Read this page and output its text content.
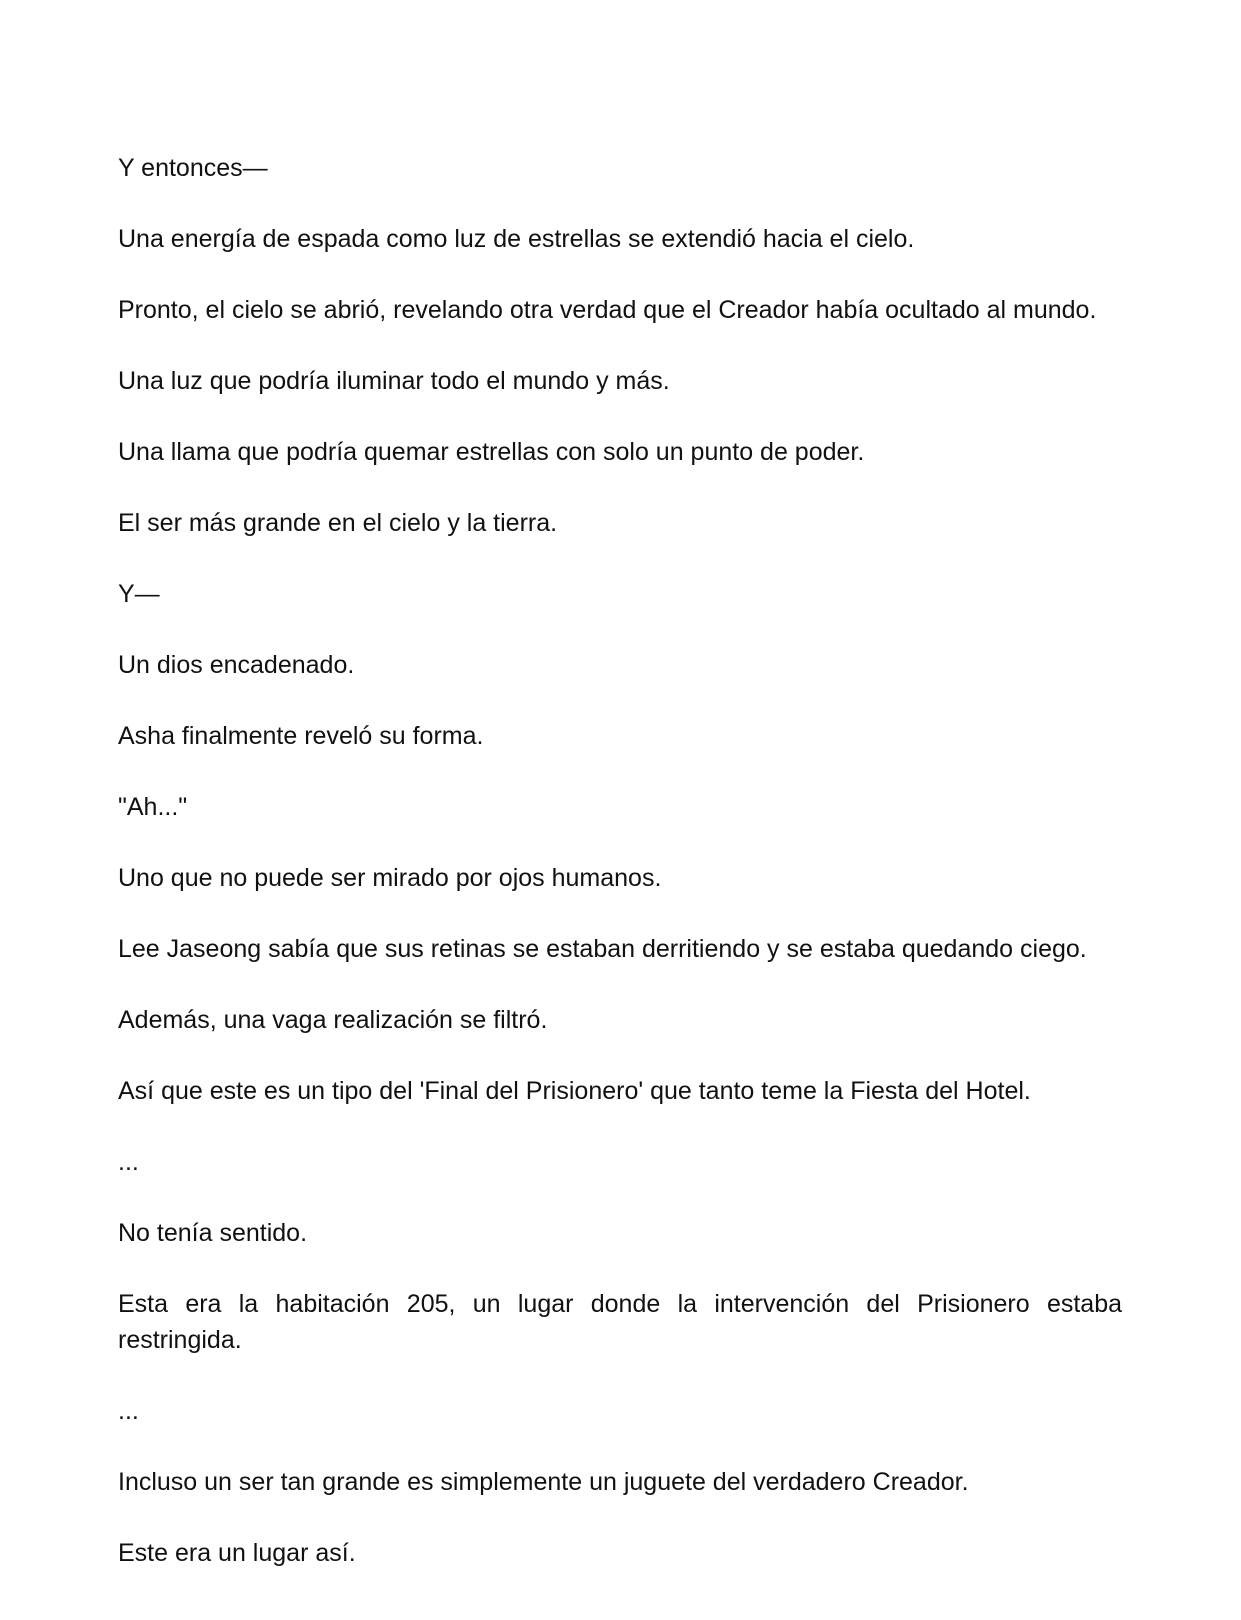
Y entonces—

Una energía de espada como luz de estrellas se extendió hacia el cielo.

Pronto, el cielo se abrió, revelando otra verdad que el Creador había ocultado al mundo.

Una luz que podría iluminar todo el mundo y más.

Una llama que podría quemar estrellas con solo un punto de poder.

El ser más grande en el cielo y la tierra.

Y—

Un dios encadenado.

Asha finalmente reveló su forma.

"Ah..."

Uno que no puede ser mirado por ojos humanos.

Lee Jaseong sabía que sus retinas se estaban derritiendo y se estaba quedando ciego.

Además, una vaga realización se filtró.

Así que este es un tipo del 'Final del Prisionero' que tanto teme la Fiesta del Hotel.

...

No tenía sentido.

Esta era la habitación 205, un lugar donde la intervención del Prisionero estaba restringida.

...

Incluso un ser tan grande es simplemente un juguete del verdadero Creador.

Este era un lugar así.
